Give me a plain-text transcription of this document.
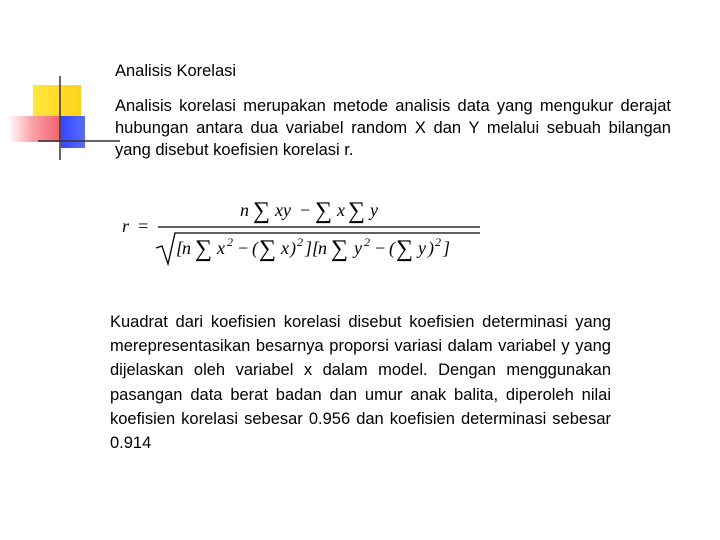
Analisis Korelasi

Analisis korelasi merupakan metode analisis data yang mengukur derajat hubungan antara dua variabel random X dan Y melalui sebuah bilangan yang disebut koefisien korelasi r.

r =
n ∑ xy − ∑ x ∑ y
[
n ∑ x 2 − ( ∑ x ) 2 ][
n ∑ y 2 − ( ∑ y ) 2 ]

Kuadrat dari koefisien korelasi disebut koefisien determinasi yang merepresentasikan besarnya proporsi variasi dalam variabel y yang dijelaskan oleh variabel x dalam model. Dengan menggunakan pasangan data berat badan dan umur anak balita, diperoleh nilai koefisien korelasi sebesar 0.956 dan koefisien determinasi sebesar 0.914
